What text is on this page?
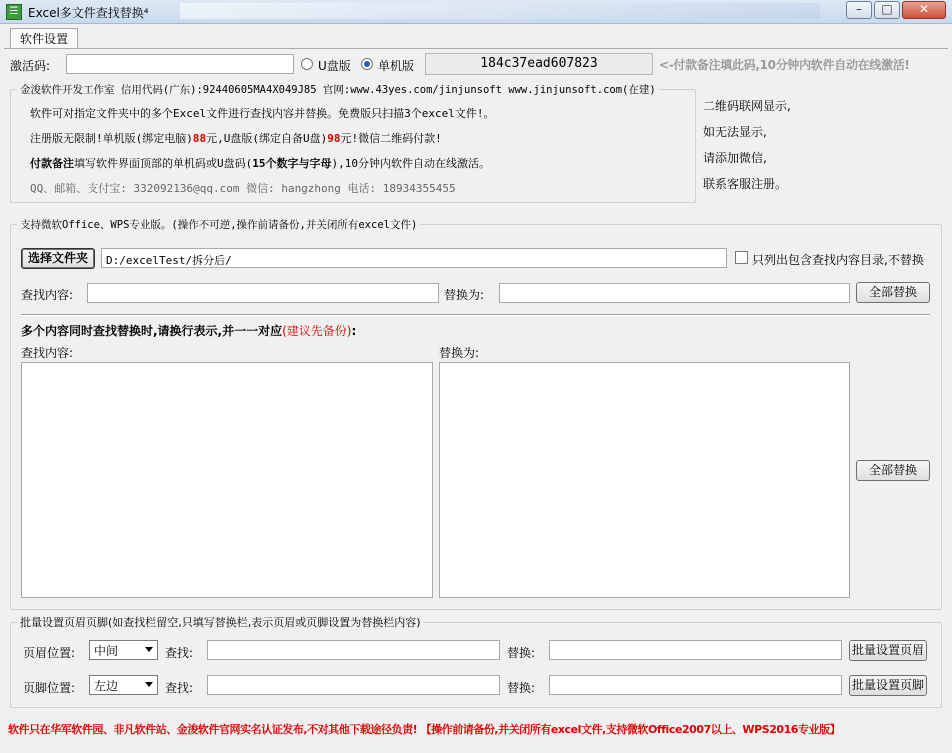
☰ Excel多文件查找替换⁴	–	□	✕
软件设置
激活码:	U盘版 单机版	184c37ead607823	<-付款备注填此码,10分钟内软件自动在线激活!
金浚软件开发工作室 信用代码(广东):92440605MA4X049J85 官网:www.43yes.com/jinjunsoft www.jinjunsoft.com(在建)
软件可对指定文件夹中的多个Excel文件进行查找内容并替换。免费版只扫描3个excel文件!。
注册版无限制!单机版(绑定电脑)88元,U盘版(绑定自备U盘)98元!微信二维码付款!
付款备注填写软件界面顶部的单机码或U盘码(15个数字与字母),10分钟内软件自动在线激活。
QQ、邮箱、支付宝: 332092136@qq.com 微信: hangzhong 电话: 18934355455
二维码联网显示,
如无法显示,
请添加微信,
联系客服注册。
支持微软Office、WPS专业版。(操作不可逆,操作前请备份,并关闭所有excel文件)
选择文件夹	D:/excelTest/拆分后/	只列出包含查找内容目录,不替换
查找内容:	替换为:	全部替换
多个内容同时查找替换时,请换行表示,并一一对应(建议先备份):
查找内容:	替换为:
全部替换
批量设置页眉页脚(如查找栏留空,只填写替换栏,表示页眉或页脚设置为替换栏内容)
页眉位置:	中间	查找:	替换:	批量设置页眉
页脚位置:	左边	查找:	替换:	批量设置页脚
软件只在华军软件园、非凡软件站、金浚软件官网实名认证发布,不对其他下载途径负责! 【操作前请备份,并关闭所有excel文件,支持微软Office2007以上、WPS2016专业版】
